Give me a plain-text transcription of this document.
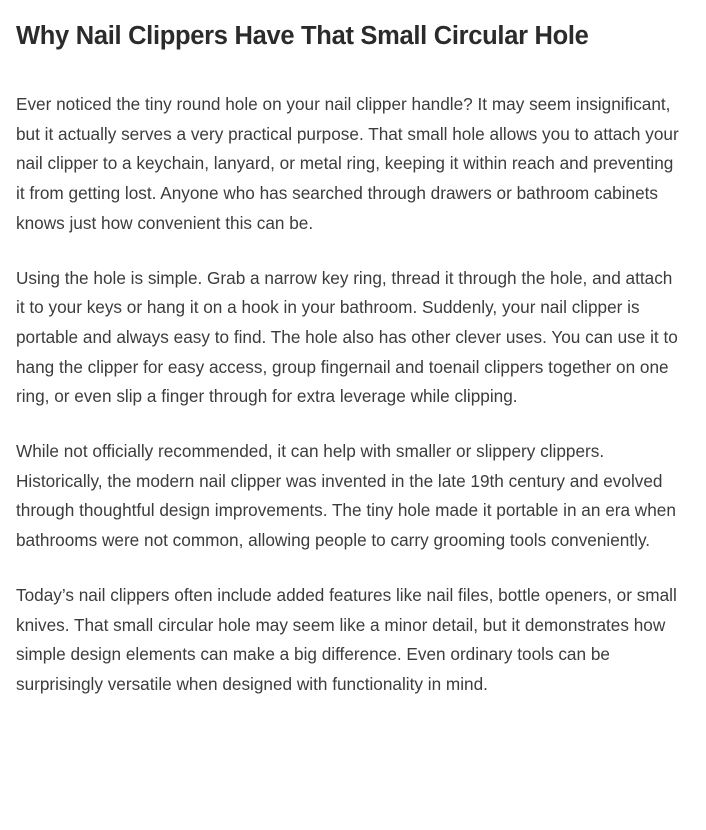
Why Nail Clippers Have That Small Circular Hole

Ever noticed the tiny round hole on your nail clipper handle? It may seem insignificant, but it actually serves a very practical purpose. That small hole allows you to attach your nail clipper to a keychain, lanyard, or metal ring, keeping it within reach and preventing it from getting lost. Anyone who has searched through drawers or bathroom cabinets knows just how convenient this can be.

Using the hole is simple. Grab a narrow key ring, thread it through the hole, and attach it to your keys or hang it on a hook in your bathroom. Suddenly, your nail clipper is portable and always easy to find. The hole also has other clever uses. You can use it to hang the clipper for easy access, group fingernail and toenail clippers together on one ring, or even slip a finger through for extra leverage while clipping.

While not officially recommended, it can help with smaller or slippery clippers. Historically, the modern nail clipper was invented in the late 19th century and evolved through thoughtful design improvements. The tiny hole made it portable in an era when bathrooms were not common, allowing people to carry grooming tools conveniently.

Today’s nail clippers often include added features like nail files, bottle openers, or small knives. That small circular hole may seem like a minor detail, but it demonstrates how simple design elements can make a big difference. Even ordinary tools can be surprisingly versatile when designed with functionality in mind.
